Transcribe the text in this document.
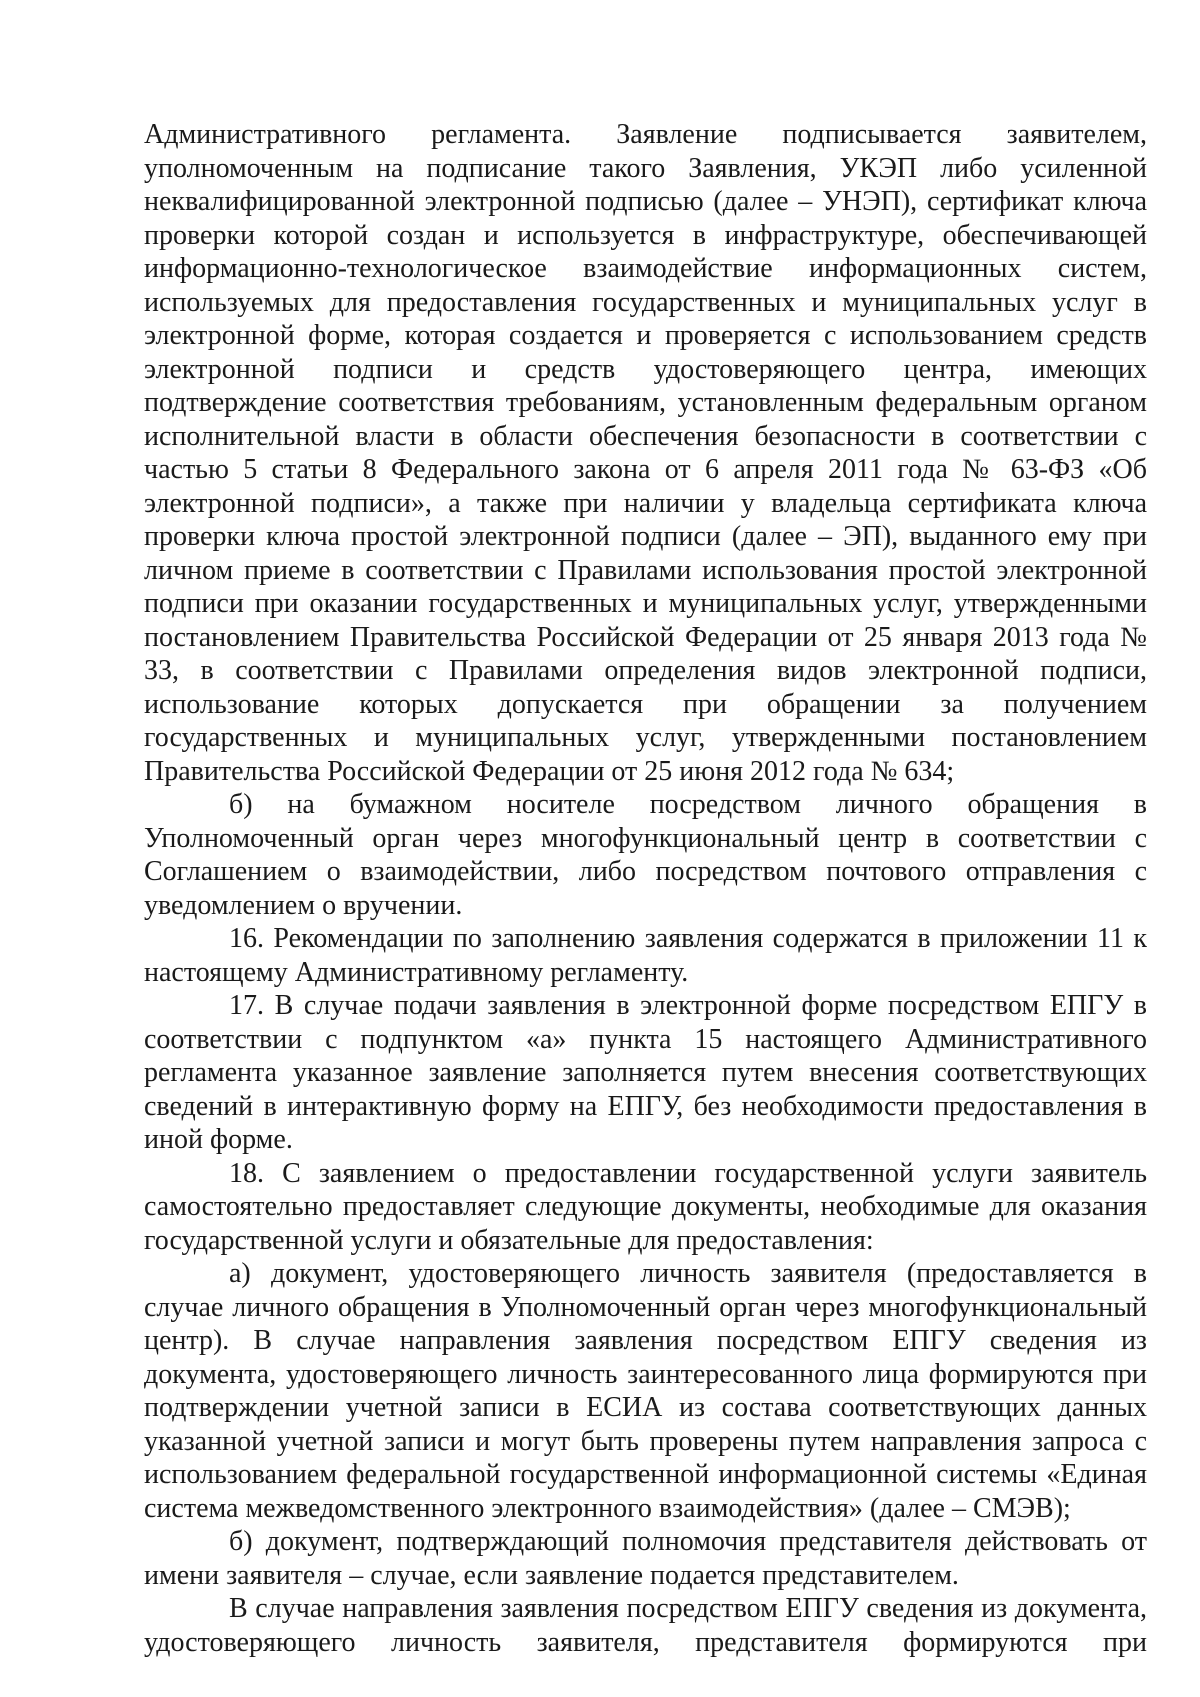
Административного регламента. Заявление подписывается заявителем, уполномоченным на подписание такого Заявления, УКЭП либо усиленной неквалифицированной электронной подписью (далее – УНЭП), сертификат ключа проверки которой создан и используется в инфраструктуре, обеспечивающей информационно-технологическое взаимодействие информационных систем, используемых для предоставления государственных и муниципальных услуг в электронной форме, которая создается и проверяется с использованием средств электронной подписи и средств удостоверяющего центра, имеющих подтверждение соответствия требованиям, установленным федеральным органом исполнительной власти в области обеспечения безопасности в соответствии с частью 5 статьи 8 Федерального закона от 6 апреля 2011 года № 63-ФЗ «Об электронной подписи», а также при наличии у владельца сертификата ключа проверки ключа простой электронной подписи (далее – ЭП), выданного ему при личном приеме в соответствии с Правилами использования простой электронной подписи при оказании государственных и муниципальных услуг, утвержденными постановлением Правительства Российской Федерации от 25 января 2013 года № 33, в соответствии с Правилами определения видов электронной подписи, использование которых допускается при обращении за получением государственных и муниципальных услуг, утвержденными постановлением Правительства Российской Федерации от 25 июня 2012 года № 634;

б) на бумажном носителе посредством личного обращения в Уполномоченный орган через многофункциональный центр в соответствии с Соглашением о взаимодействии, либо посредством почтового отправления с уведомлением о вручении.

16. Рекомендации по заполнению заявления содержатся в приложении 11 к настоящему Административному регламенту.

17. В случае подачи заявления в электронной форме посредством ЕПГУ в соответствии с подпунктом «а» пункта 15 настоящего Административного регламента указанное заявление заполняется путем внесения соответствующих сведений в интерактивную форму на ЕПГУ, без необходимости предоставления в иной форме.

18. С заявлением о предоставлении государственной услуги заявитель самостоятельно предоставляет следующие документы, необходимые для оказания государственной услуги и обязательные для предоставления:

а) документ, удостоверяющего личность заявителя (предоставляется в случае личного обращения в Уполномоченный орган через многофункциональный центр). В случае направления заявления посредством ЕПГУ сведения из документа, удостоверяющего личность заинтересованного лица формируются при подтверждении учетной записи в ЕСИА из состава соответствующих данных указанной учетной записи и могут быть проверены путем направления запроса с использованием федеральной государственной информационной системы «Единая система межведомственного электронного взаимодействия» (далее – СМЭВ);

б) документ, подтверждающий полномочия представителя действовать от имени заявителя – случае, если заявление подается представителем.

В случае направления заявления посредством ЕПГУ сведения из документа, удостоверяющего личность заявителя, представителя формируются при
